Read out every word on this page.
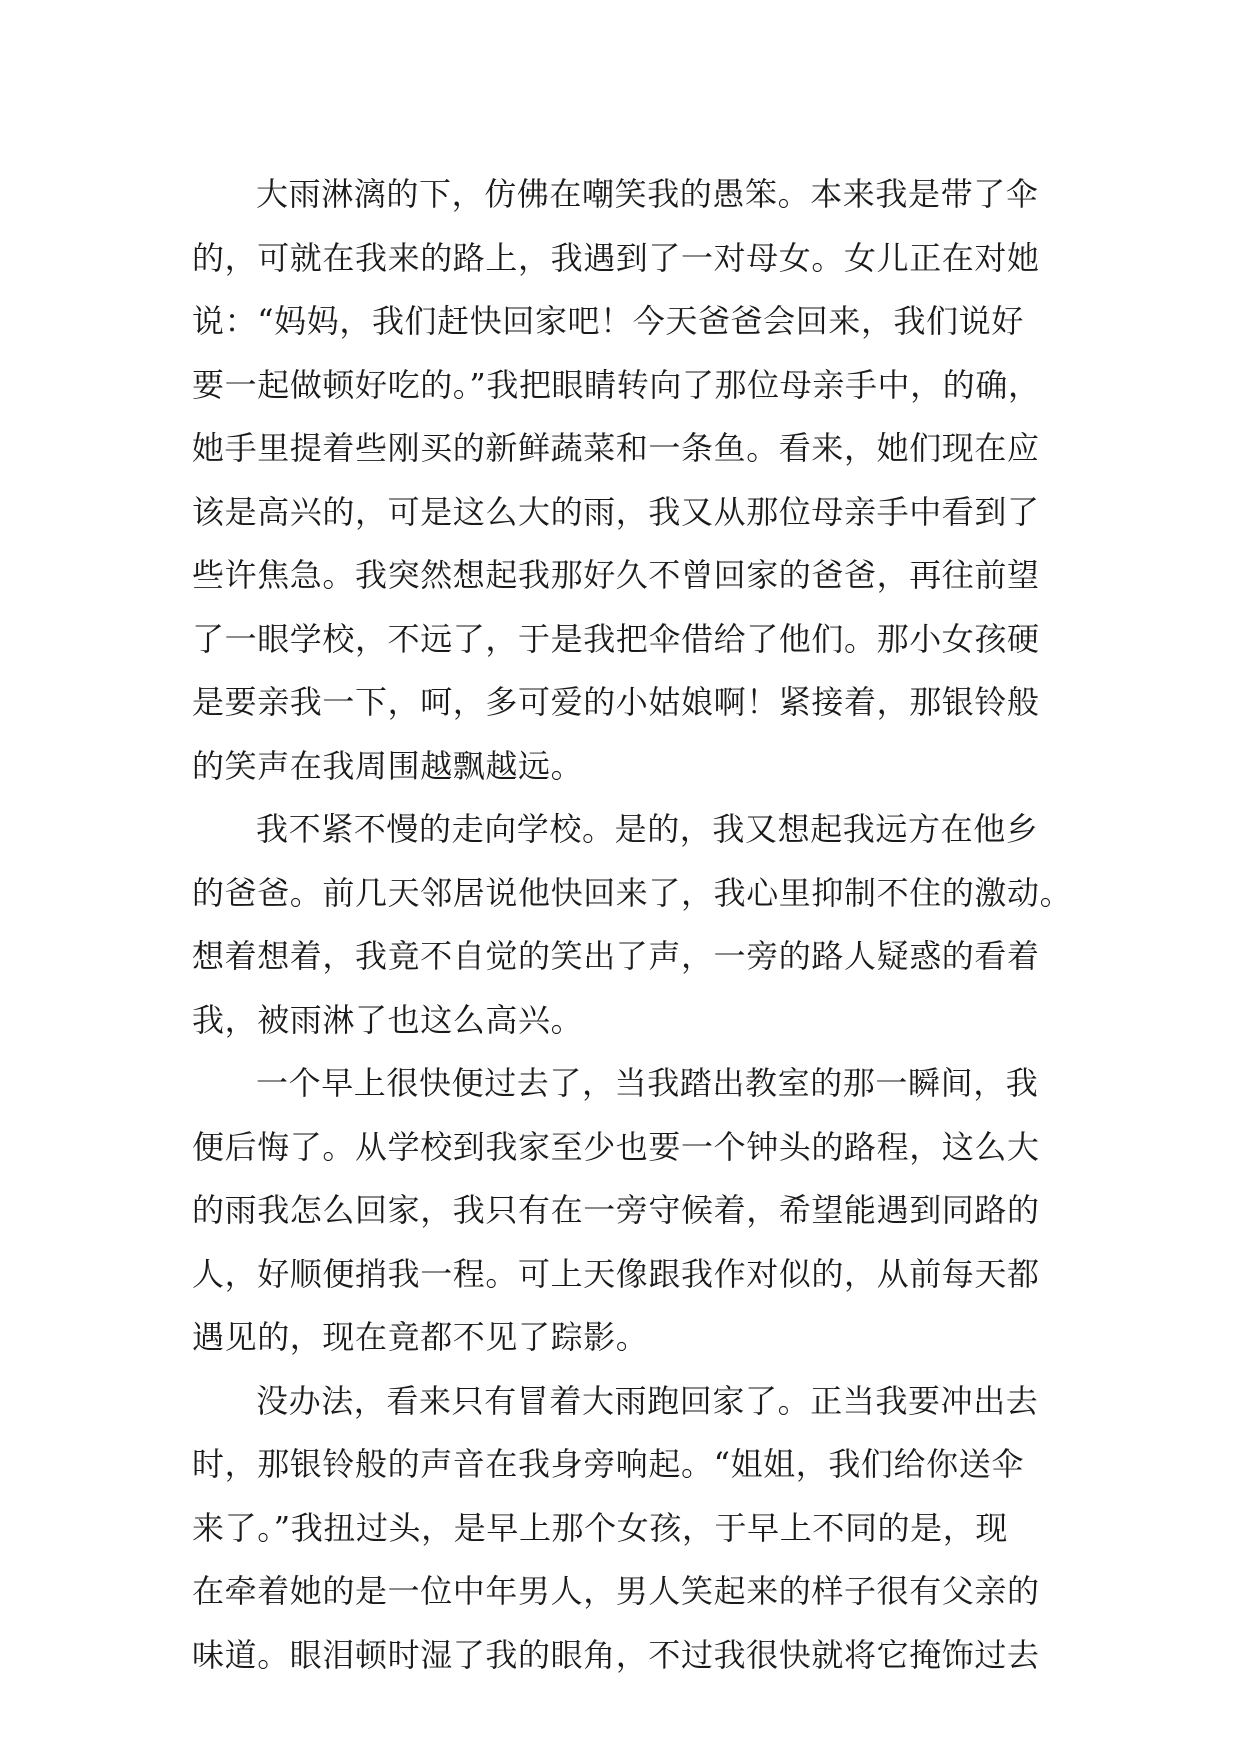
大雨淋漓的下，仿佛在嘲笑我的愚笨。本来我是带了伞
的，可就在我来的路上，我遇到了一对母女。女儿正在对她
说：“妈妈，我们赶快回家吧！今天爸爸会回来，我们说好
要一起做顿好吃的。”我把眼睛转向了那位母亲手中，的确，
她手里提着些刚买的新鲜蔬菜和一条鱼。看来，她们现在应
该是高兴的，可是这么大的雨，我又从那位母亲手中看到了
些许焦急。我突然想起我那好久不曾回家的爸爸，再往前望
了一眼学校，不远了，于是我把伞借给了他们。那小女孩硬
是要亲我一下，呵，多可爱的小姑娘啊！紧接着，那银铃般
的笑声在我周围越飘越远。
我不紧不慢的走向学校。是的，我又想起我远方在他乡
的爸爸。前几天邻居说他快回来了，我心里抑制不住的激动。
想着想着，我竟不自觉的笑出了声，一旁的路人疑惑的看着
我，被雨淋了也这么高兴。
一个早上很快便过去了，当我踏出教室的那一瞬间，我
便后悔了。从学校到我家至少也要一个钟头的路程，这么大
的雨我怎么回家，我只有在一旁守候着，希望能遇到同路的
人，好顺便捎我一程。可上天像跟我作对似的，从前每天都
遇见的，现在竟都不见了踪影。
没办法，看来只有冒着大雨跑回家了。正当我要冲出去
时，那银铃般的声音在我身旁响起。“姐姐，我们给你送伞
来了。”我扭过头，是早上那个女孩，于早上不同的是，现
在牵着她的是一位中年男人，男人笑起来的样子很有父亲的
味道。眼泪顿时湿了我的眼角，不过我很快就将它掩饰过去
